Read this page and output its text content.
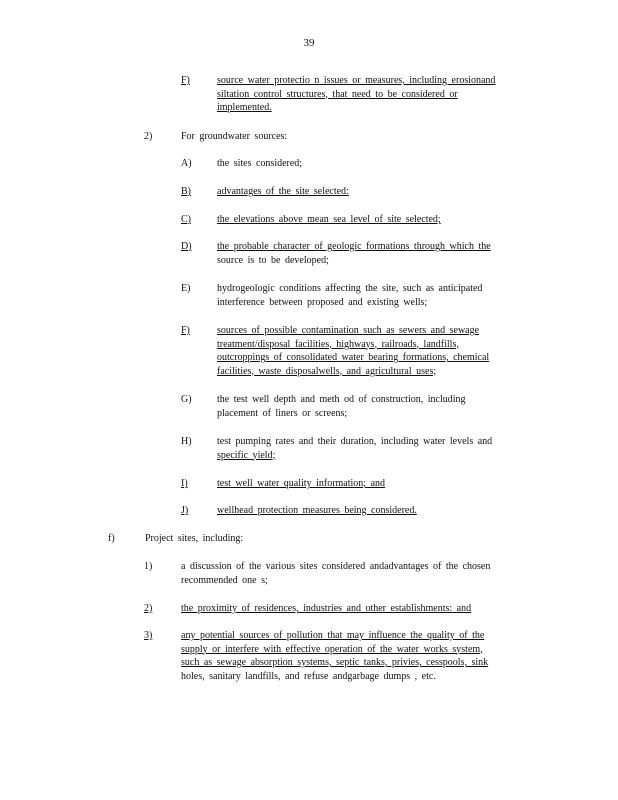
39
F)	source water protectio n issues or measures, including erosionand
siltation control structures, that need to be considered or
implemented.
2)	For groundwater sources:
A)	the sites considered;
B)	advantages of the site selected:
C)	the elevations above mean sea level of site selected;
D)	the probable character of geologic formations through which the
source is to be developed;
E)	hydrogeologic conditions affecting the site, such as anticipated
interference between proposed and existing wells;
F)	sources of possible contamination such as sewers and sewage
treatment/disposal facilities, highways, railroads, landfills,
outcroppings of consolidated water bearing formations, chemical
facilities, waste disposalwells, and agricultural uses;
G)	the test well depth and meth od of construction, including
placement of liners or screens;
H)	test pumping rates and their duration, including water levels and
specific yield;
I)	test well water quality information; and
J)	wellhead protection measures being considered.
f)	Project sites, including:
1)	a discussion of the various sites considered andadvantages of the chosen
recommended one s;
2)	the proximity of residences, industries and other establishments: and
3)	any potential sources of pollution that may influence the quality of the
supply or interfere with effective operation of the water works system,
such as sewage absorption systems, septic tanks, privies, cesspools, sink
holes, sanitary landfills, and refuse andgarbage dumps , etc.
